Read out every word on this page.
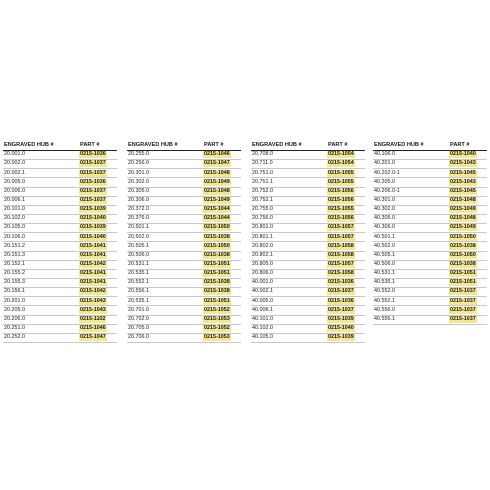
ENGRAVED HUB #	PART #
20.001.0	0215-1036
20.002.0	0215-1037
20.002.1	0215-1037
20.005.0	0215-1036
20.006.0	0215-1037
20.006.1	0215-1037
20.101.0	0215-1039
20.102.0	0215-1040
20.105.0	0215-1039
20.106.0	0215-1040
20.151.2	0215-1041
20.151.3	0215-1041
20.152.1	0215-1042
20.155.2	0215-1041
20.155.3	0215-1041
20.156.1	0215-1042
20.201.0	0215-1043
20.205.0	0215-1043
20.206.0	0215-1102
20.251.0	0215-1046
20.252.0	0215-1047
ENGRAVED HUB #	PART #
20.255.0	0215-1046
20.256.0	0215-1047
20.301.0	0215-1048
20.302.0	0215-1049
20.305.0	0215-1048
20.306.0	0215-1049
20.372.0	0215-1044
20.376.0	0215-1044
20.501.1	0215-1050
20.502.0	0215-1038
20.505.1	0215-1050
20.506.0	0215-1038
20.531.1	0215-1051
20.535.1	0215-1051
20.552.1	0215-1038
20.556.1	0215-1038
20.535.1	0215-1051
20.701.0	0215-1052
20.702.0	0215-1053
20.705.0	0215-1052
20.706.0	0215-1053
ENGRAVED HUB #	PART #
20.708.0	0215-1054
20.711.0	0215-1054
20.751.0	0215-1055
20.751.1	0215-1055
20.752.0	0215-1056
20.752.1	0215-1056
20.755.0	0215-1055
20.756.0	0215-1056
20.801.0	0215-1057
20.801.1	0215-1057
20.802.0	0215-1058
20.802.1	0215-1058
20.805.0	0215-1057
20.806.0	0215-1058
40.001.0	0215-1036
40.002.1	0215-1037
40.005.0	0215-1036
40.006.1	0215-1037
40.101.0	0215-1039
40.102.0	0215-1040
40.105.0	0215-1039
ENGRAVED HUB #	PART #
40.106.0	0215-1040
40.201.0	0215-1043
40.202.0-1	0215-1045
40.205.0	0215-1043
40.206.0-1	0215-1045
40.301.0	0215-1048
40.302.0	0215-1049
40.305.0	0215-1048
40.306.0	0215-1049
40.501.1	0215-1050
40.502.0	0215-1038
40.505.1	0215-1050
40.506.0	0215-1038
40.531.1	0215-1051
40.535.1	0215-1051
40.552.0	0215-1037
40.552.1	0215-1037
40.556.0	0215-1037
40.556.1	0215-1037
